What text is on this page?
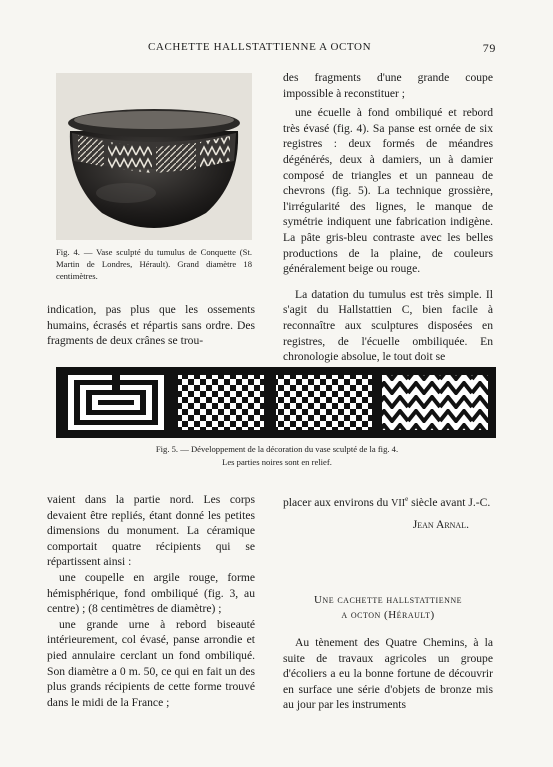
CACHETTE HALLSTATTIENNE A OCTON	79
Fig. 4. — Vase sculpté du tumulus de Conquette (St. Martin de Londres, Hérault). Grand diamètre 18 centimètres.

indication, pas plus que les ossements humains, écrasés et répartis sans ordre. Des fragments de deux crânes se trou-

des fragments d'une grande coupe impossible à reconstituer ;

une écuelle à fond ombiliqué et rebord très évasé (fig. 4). Sa panse est ornée de six registres : deux formés de méandres dégénérés, deux à damiers, un à damier composé de triangles et un panneau de chevrons (fig. 5). La technique grossière, l'irrégularité des lignes, le manque de symétrie indiquent une fabrication indigène. La pâte gris-bleu contraste avec les belles productions de la plaine, de couleurs généralement beige ou rouge.

La datation du tumulus est très simple. Il s'agit du Hallstattien C, bien facile à reconnaître aux sculptures disposées en registres, de l'écuelle ombiliquée. En chronologie absolue, le tout doit se

Fig. 5. — Développement de la décoration du vase sculpté de la fig. 4.
Les parties noires sont en relief.

vaient dans la partie nord. Les corps devaient être repliés, étant donné les petites dimensions du monument. La céramique comportait quatre récipients qui se répartissent ainsi :

une coupelle en argile rouge, forme hémisphérique, fond ombiliqué (fig. 3, au centre) ; (8 centimètres de diamètre) ;

une grande urne à rebord biseauté intérieurement, col évasé, panse arrondie et pied annulaire cerclant un fond ombiliqué. Son diamètre a 0 m. 50, ce qui en fait un des plus grands récipients de cette forme trouvé dans le midi de la France ;

placer aux environs du VIIe siècle avant J.-C.

Jean Arnal.
Une cachette hallstattienne
a octon (Hérault)

Au tènement des Quatre Chemins, à la suite de travaux agricoles un groupe d'écoliers a eu la bonne fortune de découvrir en surface une série d'objets de bronze mis au jour par les instruments
